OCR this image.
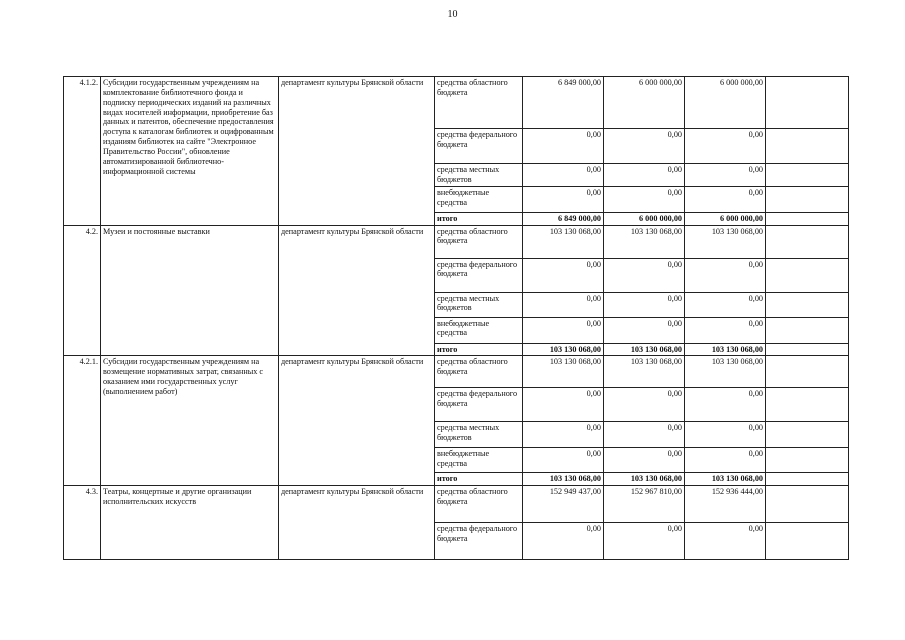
10
4.1.2.	Субсидии государственным учреждениям на комплектование библиотечного фонда и подписку периодических изданий на различных видах носителей информации, приобретение баз данных и патентов, обеспечение предоставления доступа к каталогам библиотек и оцифрованным изданиям библиотек на сайте "Электронное Правительство России", обновление автоматизированной библиотечно-информационной системы	департамент культуры Брянской области	средства областного бюджета	6 849 000,00	6 000 000,00	6 000 000,00	
			средства федерального бюджета	0,00	0,00	0,00	
			средства местных бюджетов	0,00	0,00	0,00	
			внебюджетные средства	0,00	0,00	0,00	
			итого	6 849 000,00	6 000 000,00	6 000 000,00	
4.2.	Музеи и постоянные выставки	департамент культуры Брянской области	средства областного бюджета	103 130 068,00	103 130 068,00	103 130 068,00	
			средства федерального бюджета	0,00	0,00	0,00	
			средства местных бюджетов	0,00	0,00	0,00	
			внебюджетные средства	0,00	0,00	0,00	
			итого	103 130 068,00	103 130 068,00	103 130 068,00	
4.2.1.	Субсидии государственным учреждениям на возмещение нормативных затрат, связанных с оказанием ими государственных услуг (выполнением работ)	департамент культуры Брянской области	средства областного бюджета	103 130 068,00	103 130 068,00	103 130 068,00	
			средства федерального бюджета	0,00	0,00	0,00	
			средства местных бюджетов	0,00	0,00	0,00	
			внебюджетные средства	0,00	0,00	0,00	
			итого	103 130 068,00	103 130 068,00	103 130 068,00	
4.3.	Театры, концертные и другие организации исполнительских искусств	департамент культуры Брянской области	средства областного бюджета	152 949 437,00	152 967 810,00	152 936 444,00	
			средства федерального бюджета	0,00	0,00	0,00	
